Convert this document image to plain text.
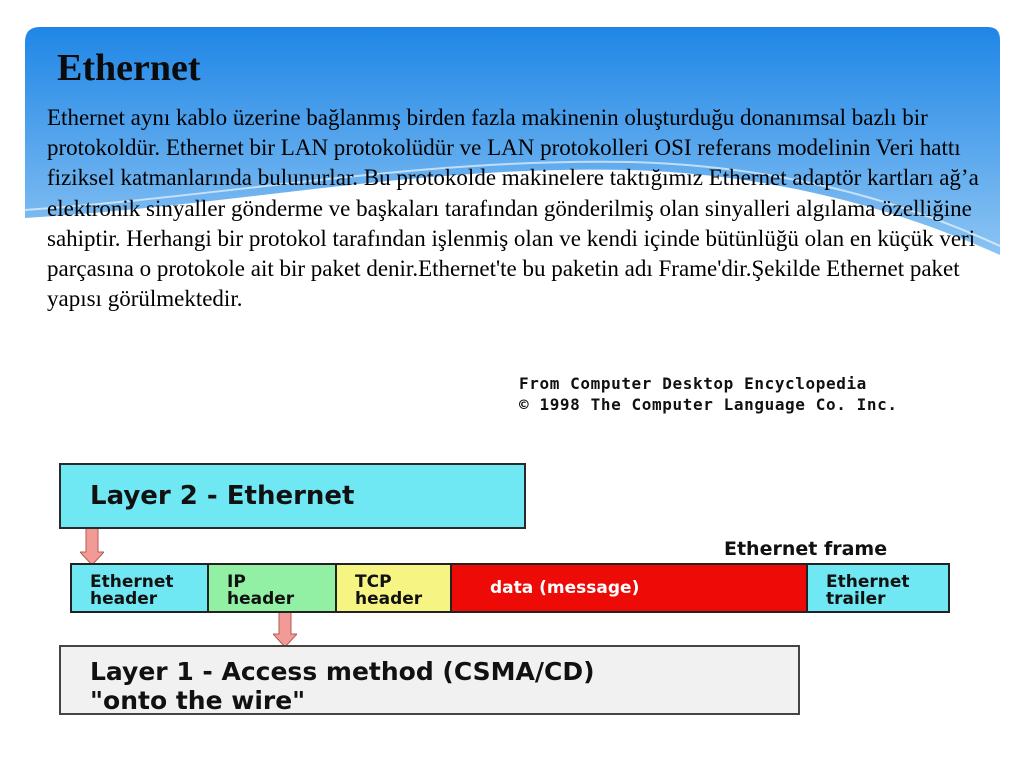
Ethernet

Ethernet aynı kablo üzerine bağlanmış birden fazla makinenin oluşturduğu donanımsal bazlı bir protokoldür. Ethernet bir LAN protokolüdür ve LAN protokolleri OSI referans modelinin Veri hattı fiziksel katmanlarında bulunurlar. Bu protokolde makinelere taktığımız Ethernet adaptör kartları ağ’a elektronik sinyaller gönderme ve başkaları tarafından gönderilmiş olan sinyalleri algılama özelliğine sahiptir. Herhangi bir protokol tarafından işlenmiş olan ve kendi içinde bütünlüğü olan en küçük veri parçasına o protokole ait bir paket denir.Ethernet'te bu paketin adı Frame'dir.Şekilde Ethernet paket yapısı görülmektedir.

From Computer Desktop Encyclopedia
© 1998 The Computer Language Co. Inc.
Layer 2 - Ethernet
Ethernet frame
Ethernet
header
IP
header
TCP
header
data (message)	Ethernet
trailer
Layer 1 - Access method (CSMA/CD)
"onto the wire"
